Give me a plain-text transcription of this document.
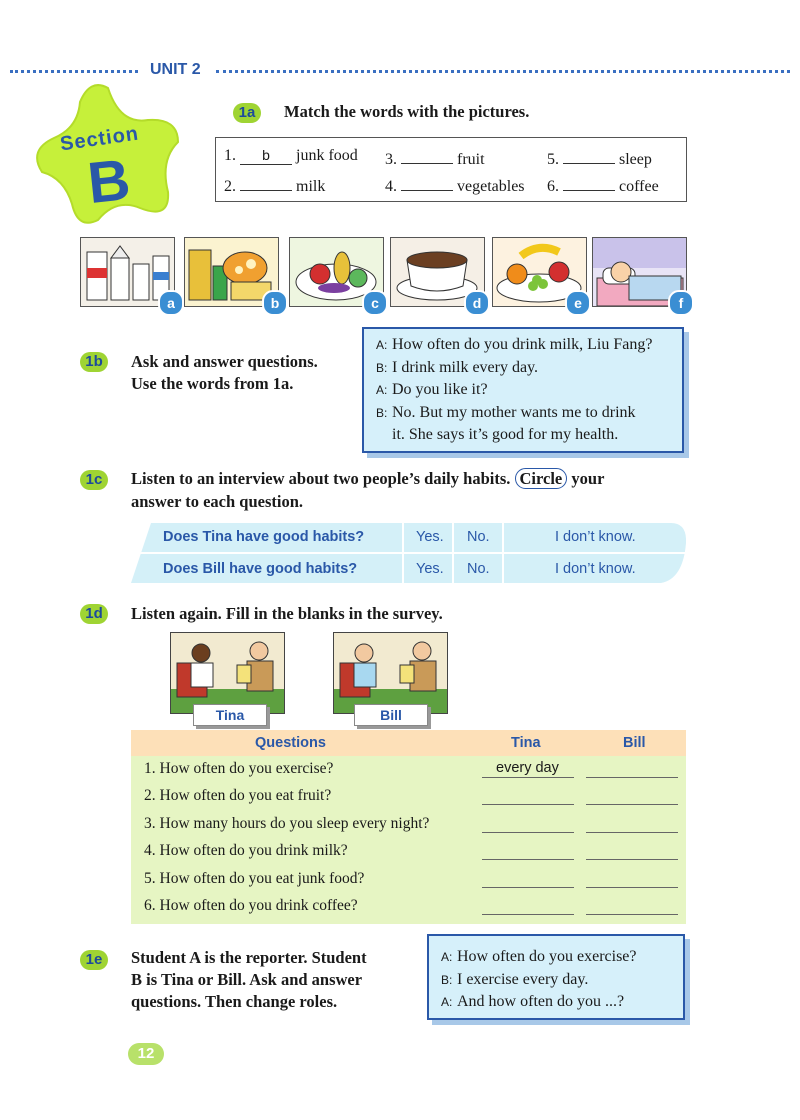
UNIT 2
Section
B
1a	Match the words with the pictures.
1. b junk food
2.	milk
3.	fruit
4.	vegetables
5.	sleep
6.	coffee
a	b	c	d	e	f
1b	Ask and answer questions.
Use the words from 1a.
A: How often do you drink milk, Liu Fang?
B: I drink milk every day.
A: Do you like it?
B: No. But my mother wants me to drink
it. She says it’s good for my health.
1c	Listen to an interview about two people’s daily habits. Circle your
answer to each question.
Does Tina have good habits?	Yes. No.	I don’t know.
Does Bill have good habits?	Yes. No.	I don’t know.
1d	Listen again. Fill in the blanks in the survey.
Tina	Bill
Questions	Tina	Bill
1. How often do you exercise?	every day
2. How often do you eat fruit?
3. How many hours do you sleep every night?
4. How often do you drink milk?
5. How often do you eat junk food?
6. How often do you drink coffee?
1e	Student A is the reporter. Student
B is Tina or Bill. Ask and answer
questions. Then change roles.
A: How often do you exercise?
B: I exercise every day.
A: And how often do you ...?
12
